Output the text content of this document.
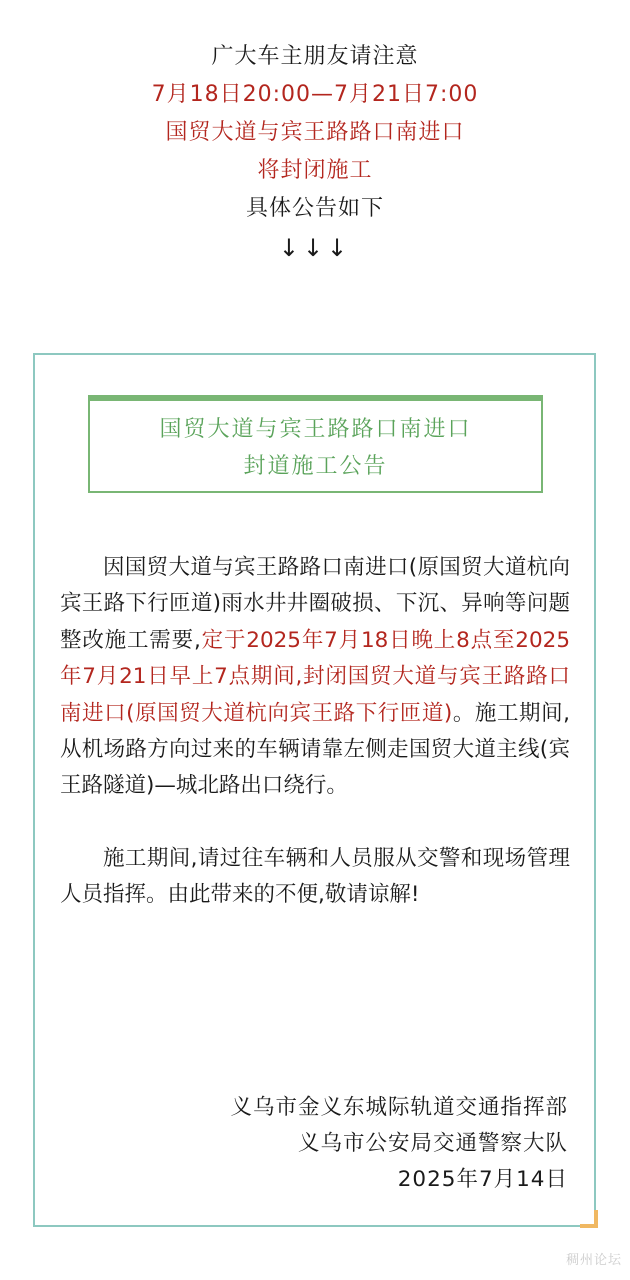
广大车主朋友请注意
7月18日20:00—7月21日7:00
国贸大道与宾王路路口南进口
将封闭施工
具体公告如下
↓↓↓
国贸大道与宾王路路口南进口
封道施工公告

因国贸大道与宾王路路口南进口(原国贸大道杭向宾王路下行匝道)雨水井井圈破损、下沉、异响等问题整改施工需要,定于2025年7月18日晚上8点至2025年7月21日早上7点期间,封闭国贸大道与宾王路路口南进口(原国贸大道杭向宾王路下行匝道)。施工期间,从机场路方向过来的车辆请靠左侧走国贸大道主线(宾王路隧道)—城北路出口绕行。

施工期间,请过往车辆和人员服从交警和现场管理人员指挥。由此带来的不便,敬请谅解!

义乌市金义东城际轨道交通指挥部
义乌市公安局交通警察大队
2025年7月14日
稠州论坛
